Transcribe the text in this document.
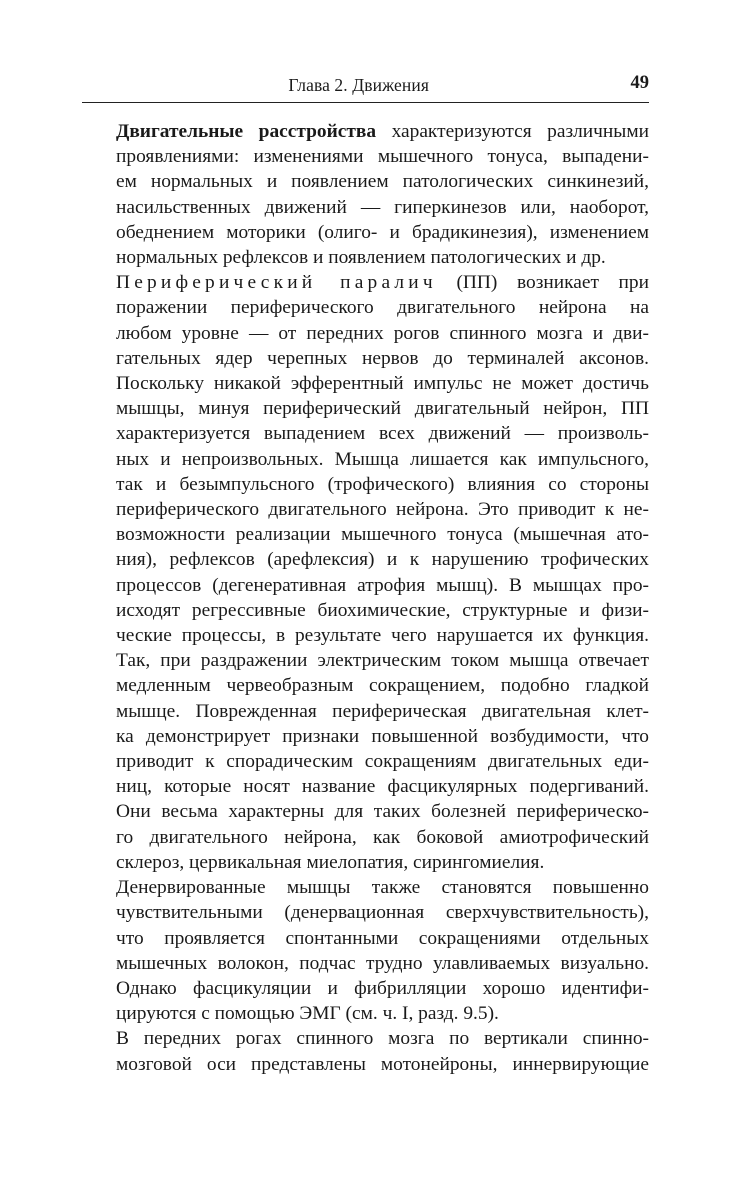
Глава 2. Движения	49

Двигательные расстройства характеризуются различными
проявлениями: изменениями мышечного тонуса, выпадени-
ем нормальных и появлением патологических синкинезий,
насильственных движений — гиперкинезов или, наоборот,
обеднением моторики (олиго- и брадикинезия), изменением
нормальных рефлексов и появлением патологических и др.

Периферический паралич (ПП) возникает при
поражении периферического двигательного нейрона на
любом уровне — от передних рогов спинного мозга и дви-
гательных ядер черепных нервов до терминалей аксонов.
Поскольку никакой эфферентный импульс не может достичь
мышцы, минуя периферический двигательный нейрон, ПП
характеризуется выпадением всех движений — произволь-
ных и непроизвольных. Мышца лишается как импульсного,
так и безымпульсного (трофического) влияния со стороны
периферического двигательного нейрона. Это приводит к не-
возможности реализации мышечного тонуса (мышечная ато-
ния), рефлексов (арефлексия) и к нарушению трофических
процессов (дегенеративная атрофия мышц). В мышцах про-
исходят регрессивные биохимические, структурные и физи-
ческие процессы, в результате чего нарушается их функция.
Так, при раздражении электрическим током мышца отвечает
медленным червеобразным сокращением, подобно гладкой
мышце. Поврежденная периферическая двигательная клет-
ка демонстрирует признаки повышенной возбудимости, что
приводит к спорадическим сокращениям двигательных еди-
ниц, которые носят название фасцикулярных подергиваний.
Они весьма характерны для таких болезней периферическо-
го двигательного нейрона, как боковой амиотрофический
склероз, цервикальная миелопатия, сирингомиелия.

Денервированные мышцы также становятся повышенно
чувствительными (денервационная сверхчувствительность),
что проявляется спонтанными сокращениями отдельных
мышечных волокон, подчас трудно улавливаемых визуально.
Однако фасцикуляции и фибрилляции хорошо идентифи-
цируются с помощью ЭМГ (см. ч. I, разд. 9.5).

В передних рогах спинного мозга по вертикали спинно-
мозговой оси представлены мотонейроны, иннервирующие
